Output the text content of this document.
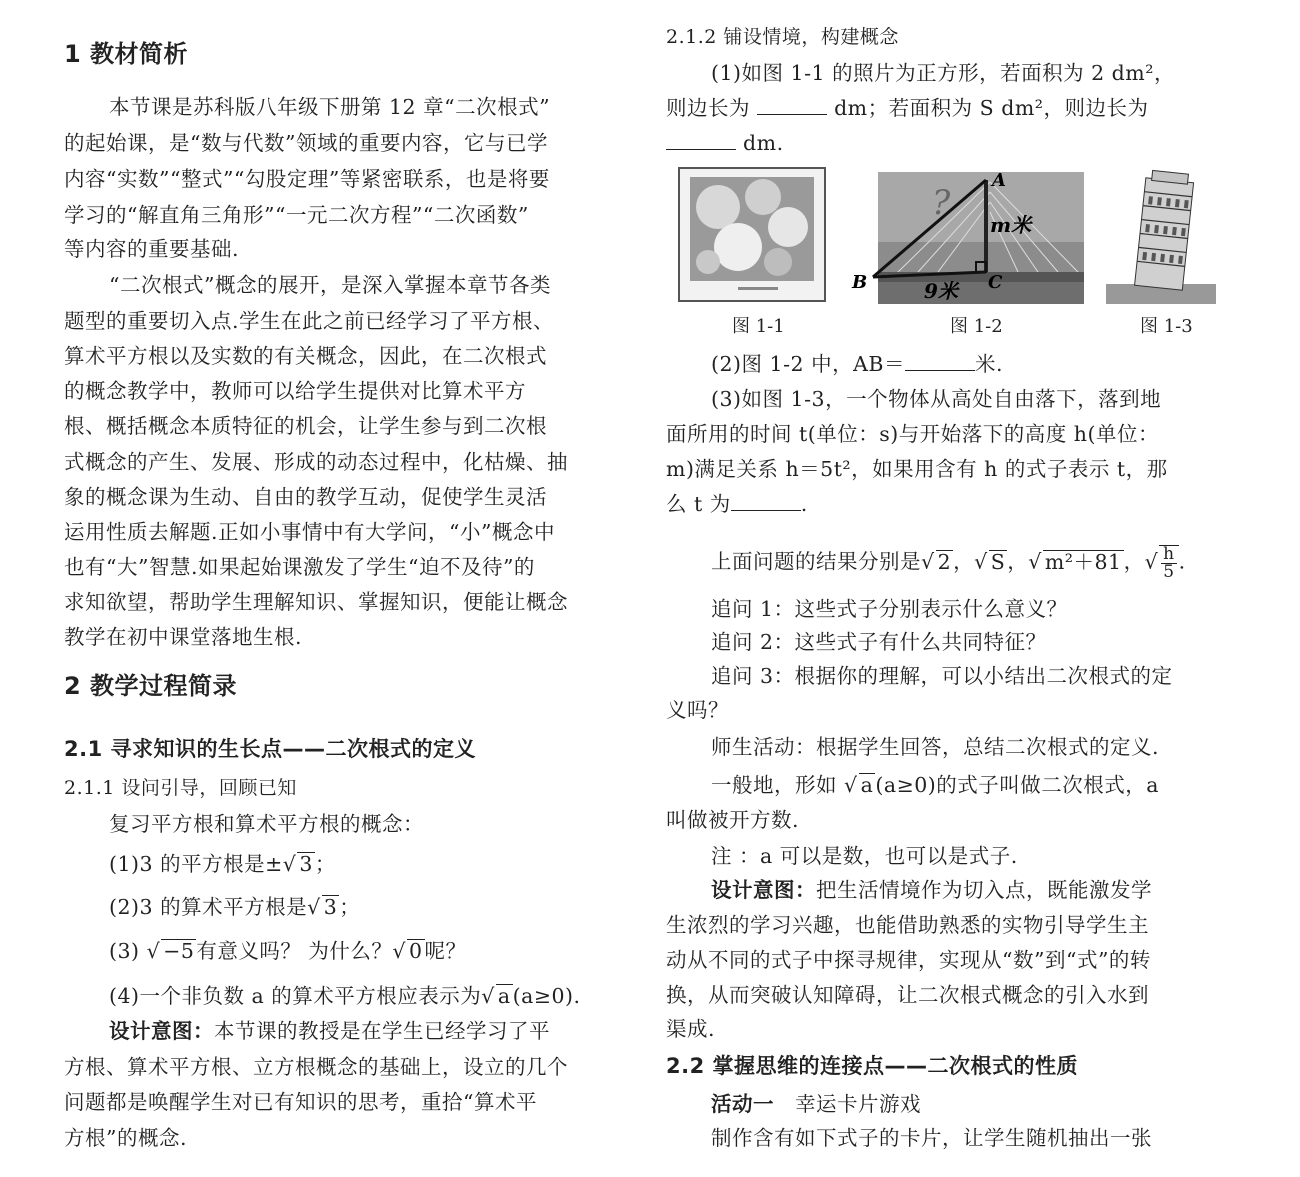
1 教材简析
本节课是苏科版八年级下册第 12 章“二次根式”
的起始课，是“数与代数”领域的重要内容，它与已学
内容“实数”“整式”“勾股定理”等紧密联系，也是将要
学习的“解直角三角形”“一元二次方程”“二次函数”
等内容的重要基础.
“二次根式”概念的展开，是深入掌握本章节各类
题型的重要切入点.学生在此之前已经学习了平方根、
算术平方根以及实数的有关概念，因此，在二次根式
的概念教学中，教师可以给学生提供对比算术平方
根、概括概念本质特征的机会，让学生参与到二次根
式概念的产生、发展、形成的动态过程中，化枯燥、抽
象的概念课为生动、自由的教学互动，促使学生灵活
运用性质去解题.正如小事情中有大学问，“小”概念中
也有“大”智慧.如果起始课激发了学生“迫不及待”的
求知欲望，帮助学生理解知识、掌握知识，便能让概念
教学在初中课堂落地生根.
2 教学过程简录
2.1 寻求知识的生长点——二次根式的定义
2.1.1 设问引导，回顾已知
复习平方根和算术平方根的概念：
(1)3 的平方根是±√ 3；
(2)3 的算术平方根是√ 3；
(3) √ −5有意义吗？ 为什么？√ 0呢？
(4)一个非负数 a 的算术平方根应表示为√ a(a≥0).
设计意图：本节课的教授是在学生已经学习了平
方根、算术平方根、立方根概念的基础上，设立的几个
问题都是唤醒学生对已有知识的思考，重拾“算术平
方根”的概念.
2.1.2 铺设情境，构建概念
(1)如图 1-1 的照片为正方形，若面积为 2 dm²，
则边长为	dm；若面积为 S dm²，则边长为
dm.
A
B	C
m米
9米
?
图 1-1	图 1-2	图 1-3
(2)图 1-2 中，AB＝	米.
(3)如图 1-3，一个物体从高处自由落下，落到地
面所用的时间 t(单位：s)与开始落下的高度 h(单位：
m)满足关系 h＝5t²，如果用含有 h 的式子表示 t，那
么 t 为	.
上面问题的结果分别是√ 2，√ S，√ m²＋81，√ $\frac{h}{5}$ .
追问 1：这些式子分别表示什么意义？
追问 2：这些式子有什么共同特征？
追问 3：根据你的理解，可以小结出二次根式的定
义吗？
师生活动：根据学生回答，总结二次根式的定义.
一般地，形如 √ a(a≥0)的式子叫做二次根式，a
叫做被开方数.
注 ：a 可以是数，也可以是式子.
设计意图：把生活情境作为切入点，既能激发学
生浓烈的学习兴趣，也能借助熟悉的实物引导学生主
动从不同的式子中探寻规律，实现从“数”到“式”的转
换，从而突破认知障碍，让二次根式概念的引入水到
渠成.
2.2 掌握思维的连接点——二次根式的性质
活动一 幸运卡片游戏
制作含有如下式子的卡片，让学生随机抽出一张
